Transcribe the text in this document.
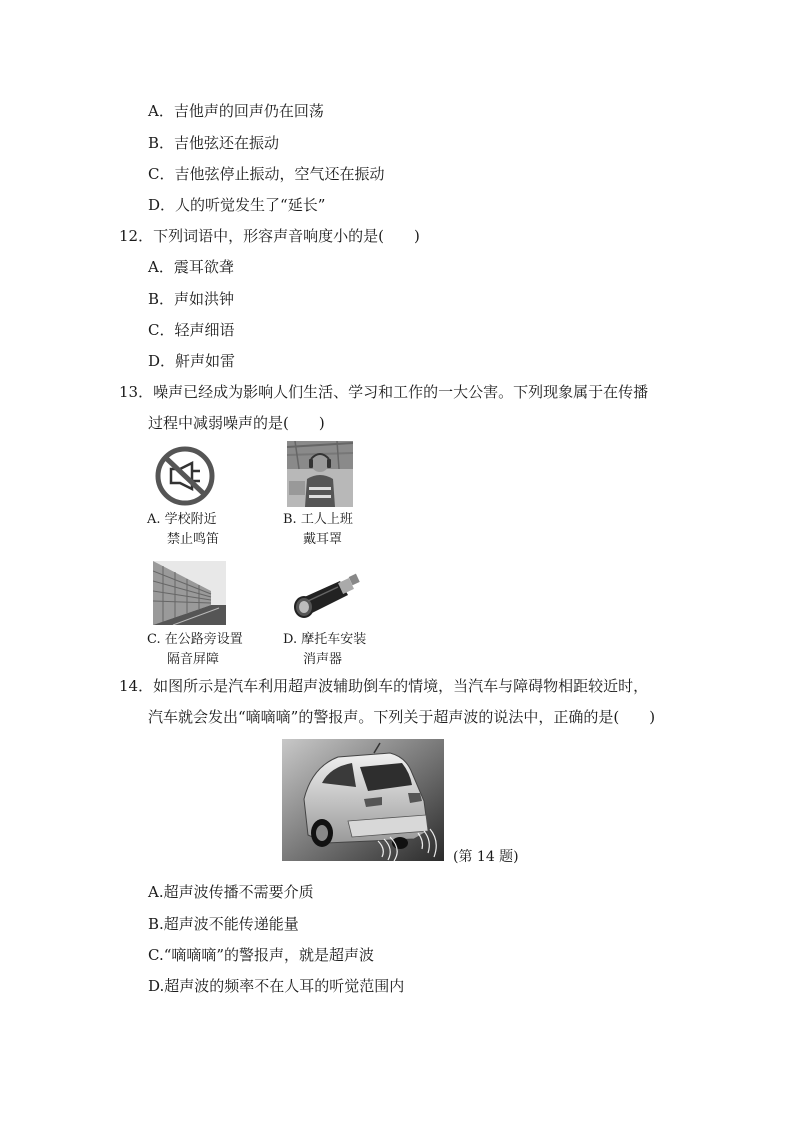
A．吉他声的回声仍在回荡
B．吉他弦还在振动
C．吉他弦停止振动，空气还在振动
D．人的听觉发生了“延长”
12．下列词语中，形容声音响度小的是(　　)
A．震耳欲聋
B．声如洪钟
C．轻声细语
D．鼾声如雷
13．噪声已经成为影响人们生活、学习和工作的一大公害。下列现象属于在传播
过程中减弱噪声的是(　　)
A. 学校附近
禁止鸣笛
B. 工人上班
戴耳罩
C. 在公路旁设置
隔音屏障
D. 摩托车安装
消声器
14．如图所示是汽车利用超声波辅助倒车的情境，当汽车与障碍物相距较近时，
汽车就会发出“嘀嘀嘀”的警报声。下列关于超声波的说法中，正确的是(　　)
(第 14 题)
A.超声波传播不需要介质
B.超声波不能传递能量
C.“嘀嘀嘀”的警报声，就是超声波
D.超声波的频率不在人耳的听觉范围内
